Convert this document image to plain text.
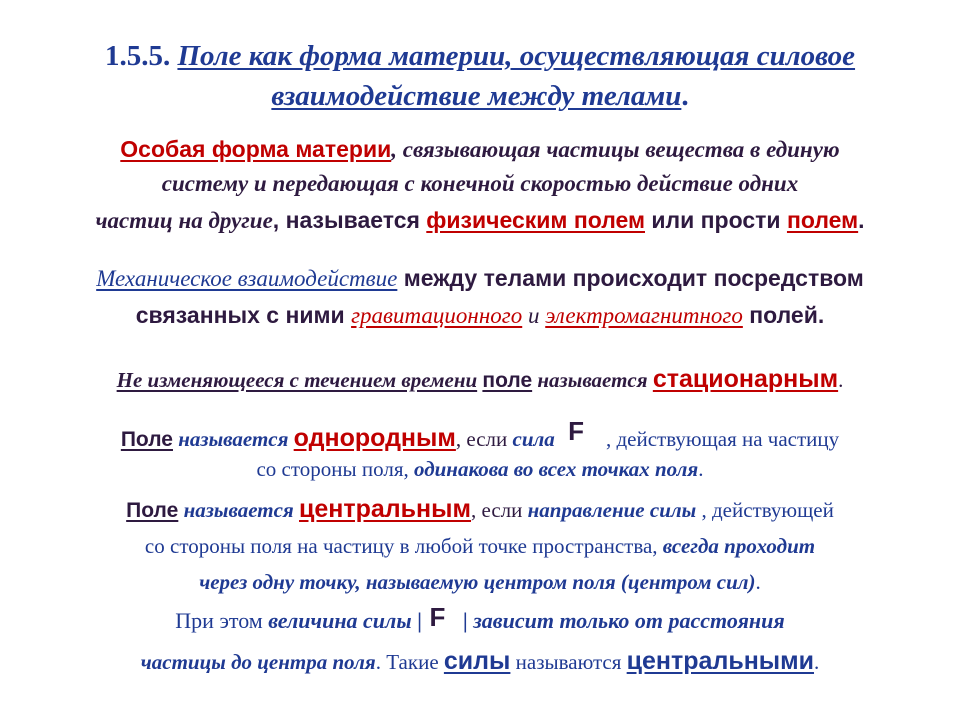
1.5.5. Поле как форма материи, осуществляющая силовое
взаимодействие между телами.
Особая форма материи, связывающая частицы вещества в единую
систему и передающая с конечной скоростью действие одних
частиц на другие, называется физическим полем или прости полем.
Механическое взаимодействие между телами происходит посредством
связанных с ними гравитационного и электромагнитного полей.
Не изменяющееся с течением времени поле называется стационарным.
Поле называется однородным, если сила F , действующая на частицу
со стороны поля, одинакова во всех точках поля.
Поле называется центральным, если направление силы , действующей
со стороны поля на частицу в любой точке пространства, всегда проходит
через одну точку, называемую центром поля (центром сил).
При этом величина силы | F | зависит только от расстояния
частицы до центра поля. Такие силы называются центральными.
